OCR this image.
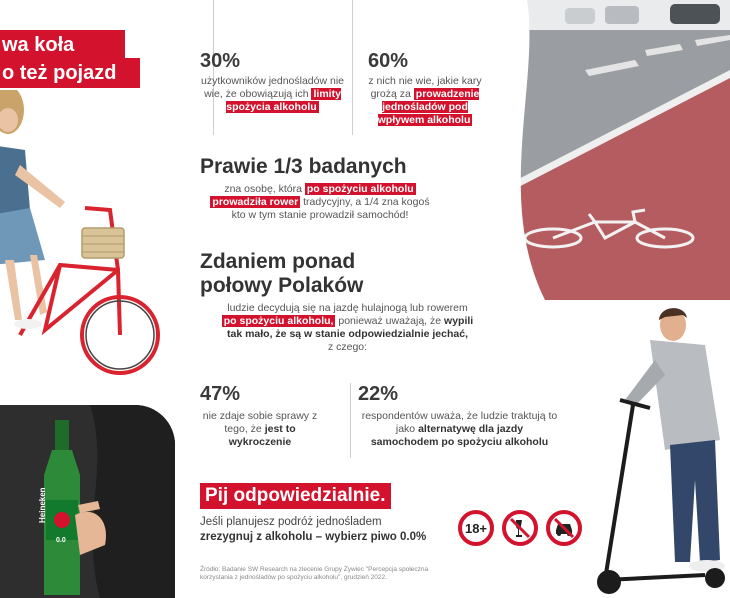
wa koła
o też pojazd
30%
użytkowników jednośladów nie wie, że obowiązują ich limity spożycia alkoholu
60%
z nich nie wie, jakie kary grożą za prowadzenie jednośladów pod wpływem alkoholu
Prawie 1/3 badanych
zna osobę, która po spożyciu alkoholu
prowadziła rower tradycyjny, a 1/4 zna kogoś
kto w tym stanie prowadził samochód!
Zdaniem ponad
połowy Polaków
ludzie decydują się na jazdę hulajnogą lub rowerem
po spożyciu alkoholu, ponieważ uważają, że wypili
tak mało, że są w stanie odpowiedzialnie jechać,
z czego:
47%
nie zdaje sobie sprawy z tego, że jest to wykroczenie
22%
respondentów uważa, że ludzie traktują to jako alternatywę dla jazdy
samochodem po spożyciu alkoholu
Pij odpowiedzialnie.
Jeśli planujesz podróż jednośladem
zrezygnuj z alkoholu – wybierz piwo 0.0%
18+
Źródło: Badanie SW Research na zlecenie Grupy Żywiec "Percepcja społeczna
korzystania z jednośladów po spożyciu alkoholu", grudzień 2022.
Heineken
0.0
